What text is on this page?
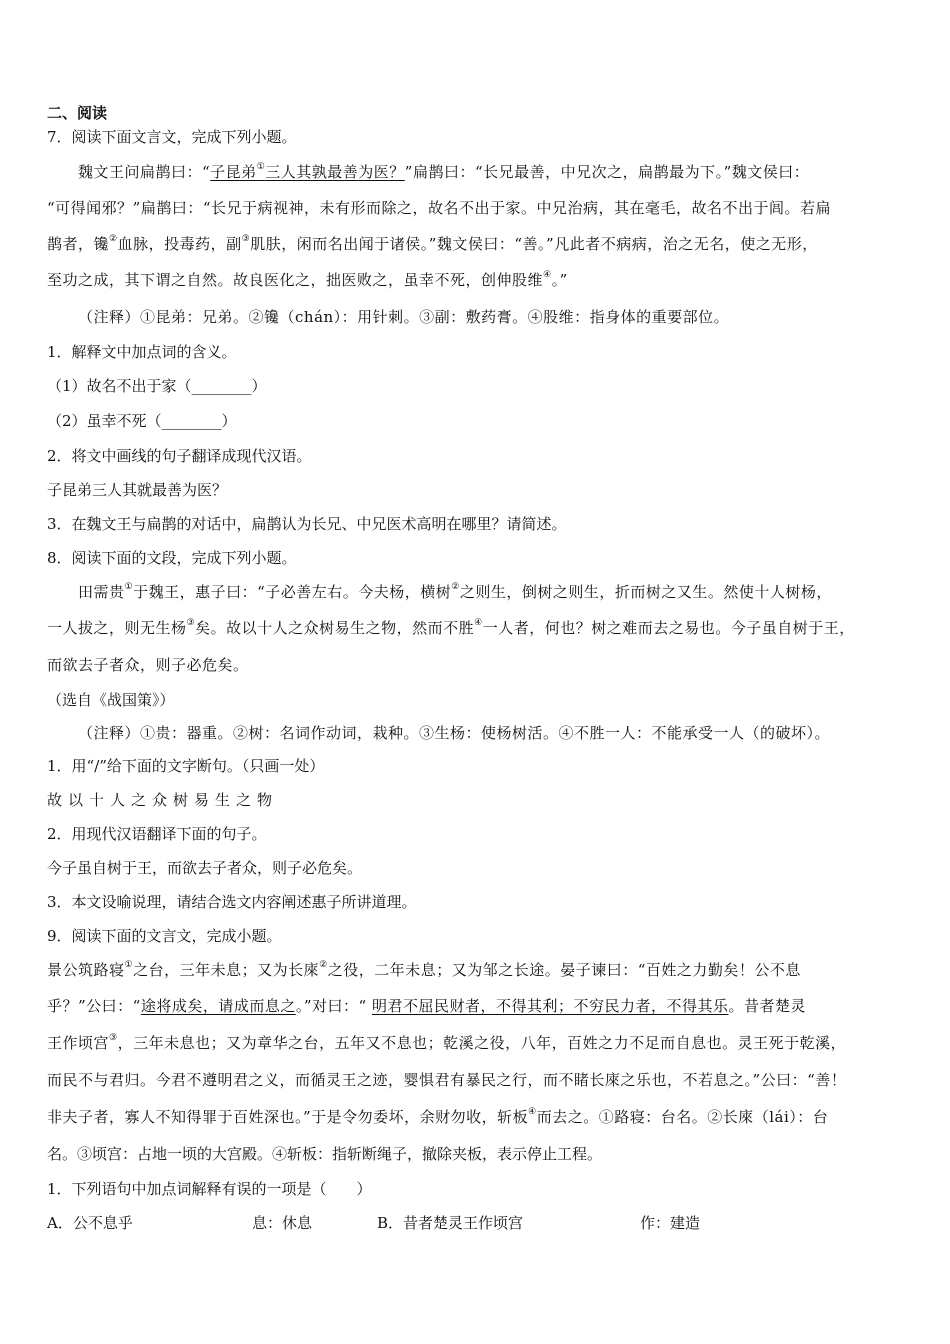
二、阅读
7．阅读下面文言文，完成下列小题。
魏文王问扁鹊曰：“子昆弟①三人其孰最善为医？”扁鹊曰：“长兄最善，中兄次之，扁鹊最为下。”魏文侯曰：
“可得闻邪？”扁鹊曰：“长兄于病视神，未有形而除之，故名不出于家。中兄治病，其在毫毛，故名不出于闾。若扁
鹊者，镵②血脉，投毒药，副③肌肤，闲而名出闻于诸侯。”魏文侯曰：“善。”凡此者不病病，治之无名，使之无形，
至功之成，其下谓之自然。故良医化之，拙医败之，虽幸不死，创伸股维④。”
（注释）①昆弟：兄弟。②镵（chán）：用针刺。③副：敷药膏。④股维：指身体的重要部位。
1．解释文中加点词的含义。
（1）故名不出于家（________）
（2）虽幸不死（________）
2．将文中画线的句子翻译成现代汉语。
子昆弟三人其就最善为医？
3．在魏文王与扁鹊的对话中，扁鹊认为长兄、中兄医术高明在哪里？请简述。
8．阅读下面的文段，完成下列小题。
田需贵①于魏王，惠子曰：“子必善左右。今夫杨，横树②之则生，倒树之则生，折而树之又生。然使十人树杨，
一人拔之，则无生杨③矣。故以十人之众树易生之物，然而不胜④一人者，何也？树之难而去之易也。今子虽自树于王，
而欲去子者众，则子必危矣。
（选自《战国策》）
（注释）①贵：器重。②树：名词作动词，栽种。③生杨：使杨树活。④不胜一人：不能承受一人（的破坏）。
1．用“/”给下面的文字断句。（只画一处）
故以十人之众树易生之物
2．用现代汉语翻译下面的句子。
今子虽自树于王，而欲去子者众，则子必危矣。
3．本文设喻说理，请结合选文内容阐述惠子所讲道理。
9．阅读下面的文言文，完成小题。
景公筑路寝①之台，三年未息；又为长庲②之役，二年未息；又为邹之长途。晏子谏曰：“百姓之力勤矣！公不息
乎？”公曰：“途将成矣，请成而息之。”对曰：“ 明君不屈民财者，不得其利；不穷民力者，不得其乐。昔者楚灵
王作顷宫③，三年未息也；又为章华之台，五年又不息也；乾溪之役，八年，百姓之力不足而自息也。灵王死于乾溪，
而民不与君归。今君不遵明君之义，而循灵王之迹，婴惧君有暴民之行，而不睹长庲之乐也，不若息之。”公曰：“善！
非夫子者，寡人不知得罪于百姓深也。”于是令勿委坏，余财勿收，斩板④而去之。①路寝：台名。②长庲（lái）：台
名。③顷宫：占地一顷的大宫殿。④斩板：指斩断绳子，撤除夹板，表示停止工程。
1．下列语句中加点词解释有误的一项是（　　）
A．公不息乎	息：休息	B．昔者楚灵王作顷宫	作：建造
